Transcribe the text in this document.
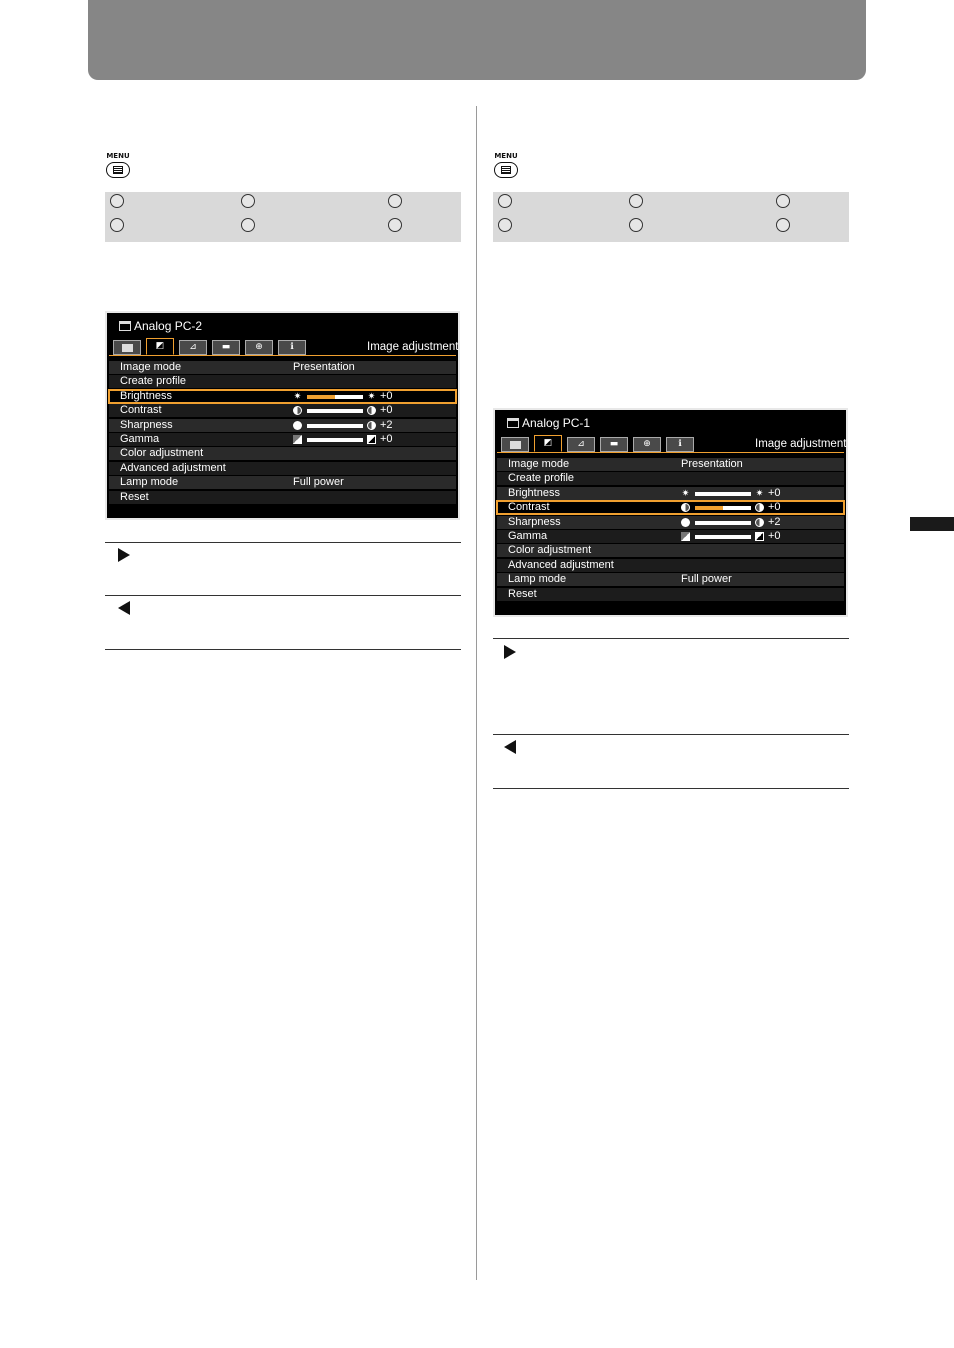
MENU
Analog PC-2
◩	⊿	▬	⊕	ℹ	Image adjustment
Image mode	Presentation
Create profile
Brightness	✷	✷ +0
Contrast	+0
Sharpness	+2
Gamma	+0
Color adjustment
Advanced adjustment
Lamp mode	Full power
Reset
MENU
Analog PC-1
◩	⊿	▬	⊕	ℹ	Image adjustment
Image mode	Presentation
Create profile
Brightness	✷	✷ +0
Contrast	+0
Sharpness	+2
Gamma	+0
Color adjustment
Advanced adjustment
Lamp mode	Full power
Reset
